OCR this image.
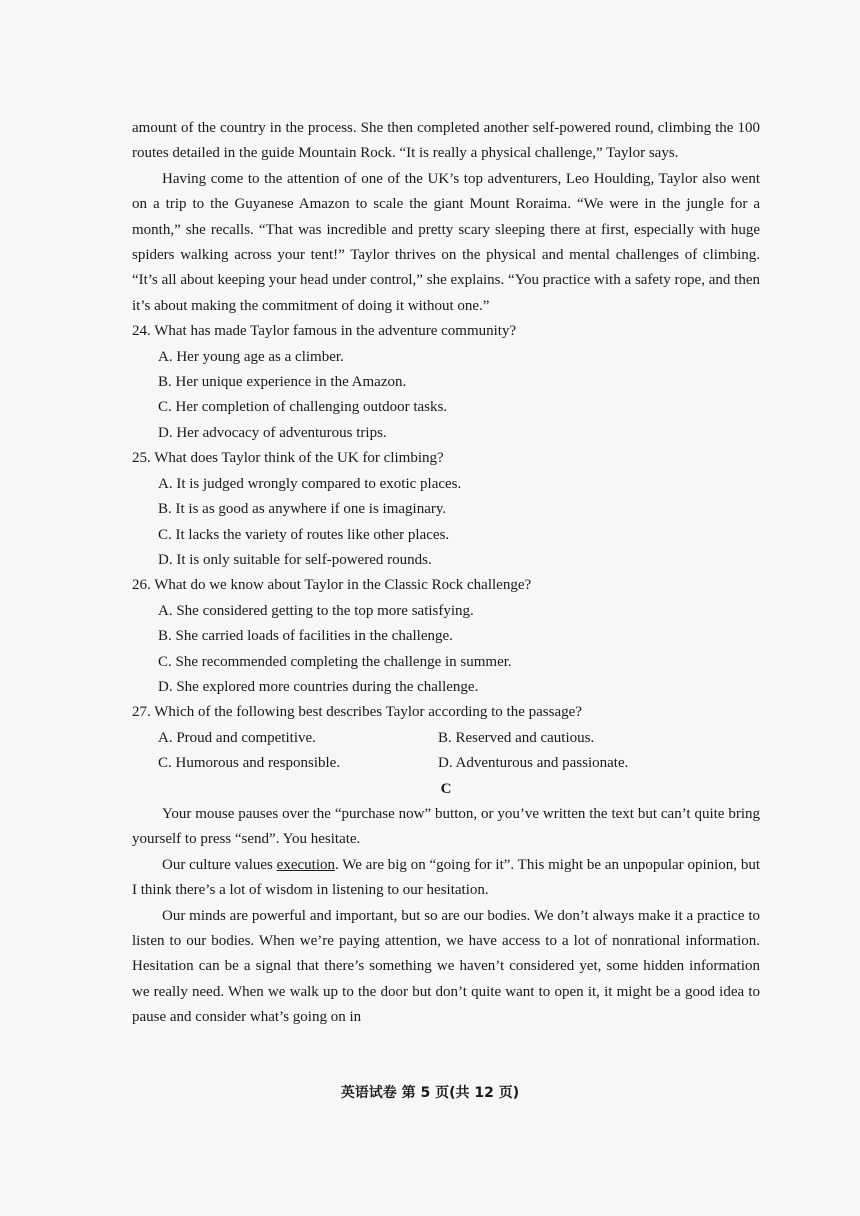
amount of the country in the process. She then completed another self-powered round, climbing the 100 routes detailed in the guide Mountain Rock. “It is really a physical challenge,” Taylor says.

Having come to the attention of one of the UK’s top adventurers, Leo Houlding, Taylor also went on a trip to the Guyanese Amazon to scale the giant Mount Roraima. “We were in the jungle for a month,” she recalls. “That was incredible and pretty scary sleeping there at first, especially with huge spiders walking across your tent!” Taylor thrives on the physical and mental challenges of climbing. “It’s all about keeping your head under control,” she explains. “You practice with a safety rope, and then it’s about making the commitment of doing it without one.”

24. What has made Taylor famous in the adventure community?

A. Her young age as a climber.

B. Her unique experience in the Amazon.

C. Her completion of challenging outdoor tasks.

D. Her advocacy of adventurous trips.

25. What does Taylor think of the UK for climbing?

A. It is judged wrongly compared to exotic places.

B. It is as good as anywhere if one is imaginary.

C. It lacks the variety of routes like other places.

D. It is only suitable for self-powered rounds.

26. What do we know about Taylor in the Classic Rock challenge?

A. She considered getting to the top more satisfying.

B. She carried loads of facilities in the challenge.

C. She recommended completing the challenge in summer.

D. She explored more countries during the challenge.

27. Which of the following best describes Taylor according to the passage?

A. Proud and competitive.	B. Reserved and cautious.
C. Humorous and responsible.	D. Adventurous and passionate.

C

Your mouse pauses over the “purchase now” button, or you’ve written the text but can’t quite bring yourself to press “send”. You hesitate.

Our culture values execution. We are big on “going for it”. This might be an unpopular opinion, but I think there’s a lot of wisdom in listening to our hesitation.

Our minds are powerful and important, but so are our bodies. We don’t always make it a practice to listen to our bodies. When we’re paying attention, we have access to a lot of nonrational information. Hesitation can be a signal that there’s something we haven’t considered yet, some hidden information we really need. When we walk up to the door but don’t quite want to open it, it might be a good idea to pause and consider what’s going on in

英语试卷 第 5 页(共 12 页)
